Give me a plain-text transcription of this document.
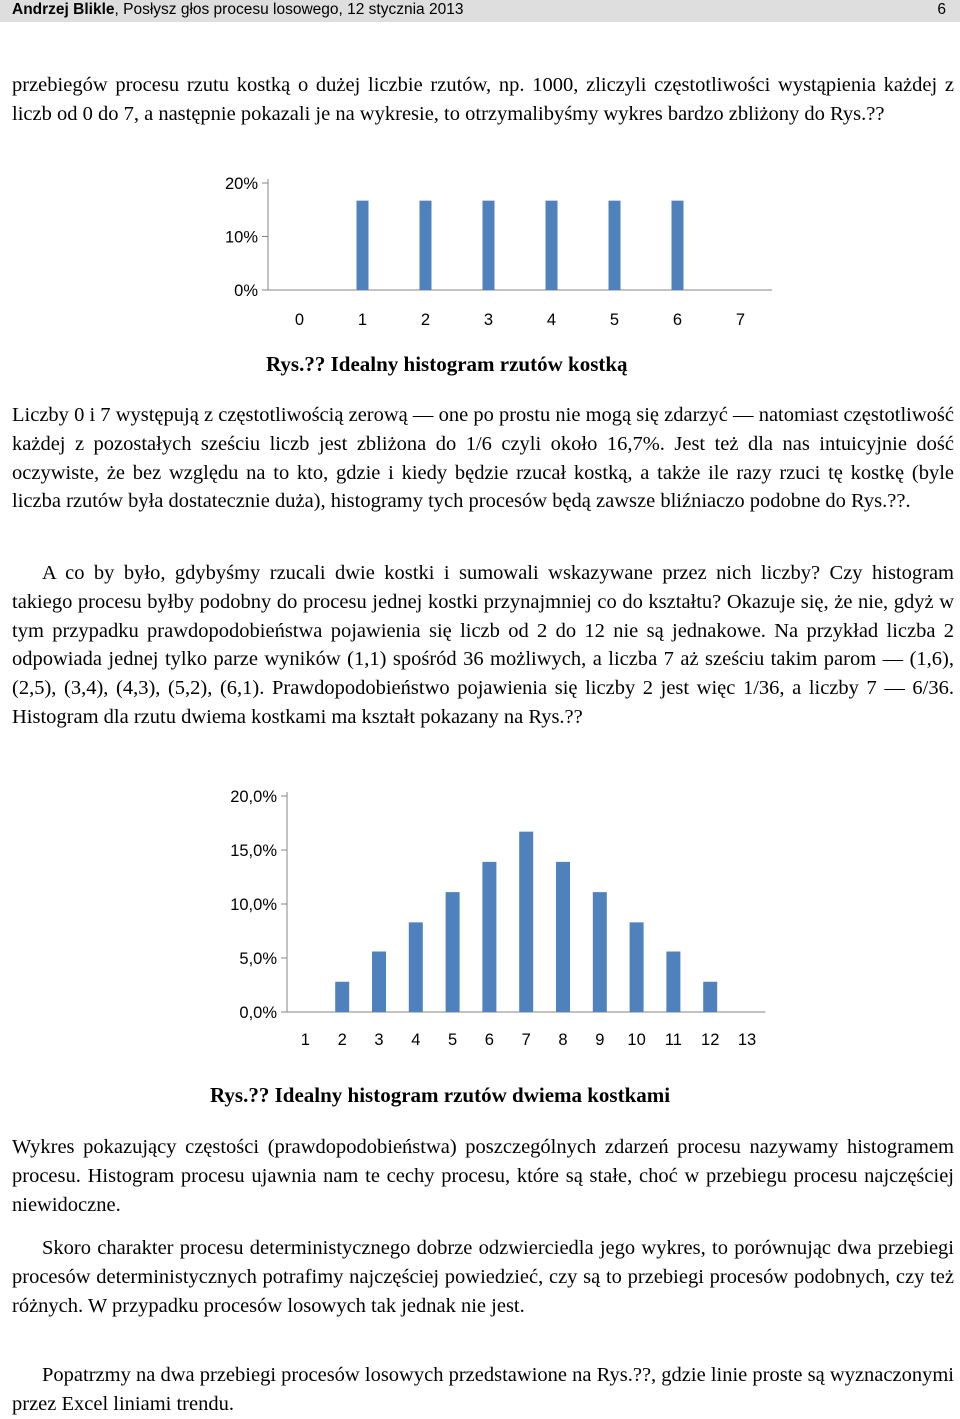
Andrzej Blikle, Posłysz głos procesu losowego, 12 stycznia 2013	6

przebiegów procesu rzutu kostką o dużej liczbie rzutów, np. 1000, zliczyli częstotliwości wystąpienia każdej z liczb od 0 do 7, a następnie pokazali je na wykresie, to otrzymalibyśmy wykres bardzo zbliżony do Rys.??

0%
10%
20%
0	1	2	3	4	5	6	7
Rys.?? Idealny histogram rzutów kostką

Liczby 0 i 7 występują z częstotliwością zerową — one po prostu nie mogą się zdarzyć — natomiast częstotliwość każdej z pozostałych sześciu liczb jest zbliżona do 1/6 czyli około 16,7%. Jest też dla nas intuicyjnie dość oczywiste, że bez względu na to kto, gdzie i kiedy będzie rzucał kostką, a także ile razy rzuci tę kostkę (byle liczba rzutów była dostatecznie duża), histogramy tych procesów będą zawsze bliźniaczo podobne do Rys.??.

A co by było, gdybyśmy rzucali dwie kostki i sumowali wskazywane przez nich liczby? Czy histogram takiego procesu byłby podobny do procesu jednej kostki przynajmniej co do kształtu? Okazuje się, że nie, gdyż w tym przypadku prawdopodobieństwa pojawienia się liczb od 2 do 12 nie są jednakowe. Na przykład liczba 2 odpowiada jednej tylko parze wyników (1,1) spośród 36 możliwych, a liczba 7 aż sześciu takim parom — (1,6), (2,5), (3,4), (4,3), (5,2), (6,1). Prawdopodobieństwo pojawienia się liczby 2 jest więc 1/36, a liczby 7 — 6/36. Histogram dla rzutu dwiema kostkami ma kształt pokazany na Rys.??

0,0%
5,0%
10,0%
15,0%
20,0%
1 2 3 4 5 6 7 8 9 10 11 12 13
Rys.?? Idealny histogram rzutów dwiema kostkami

Wykres pokazujący częstości (prawdopodobieństwa) poszczególnych zdarzeń procesu nazywamy histogramem procesu. Histogram procesu ujawnia nam te cechy procesu, które są stałe, choć w przebiegu procesu najczęściej niewidoczne.

Skoro charakter procesu deterministycznego dobrze odzwierciedla jego wykres, to porównując dwa przebiegi procesów deterministycznych potrafimy najczęściej powiedzieć, czy są to przebiegi procesów podobnych, czy też różnych. W przypadku procesów losowych tak jednak nie jest.

Popatrzmy na dwa przebiegi procesów losowych przedstawione na Rys.??, gdzie linie proste są wyznaczonymi przez Excel liniami trendu.
